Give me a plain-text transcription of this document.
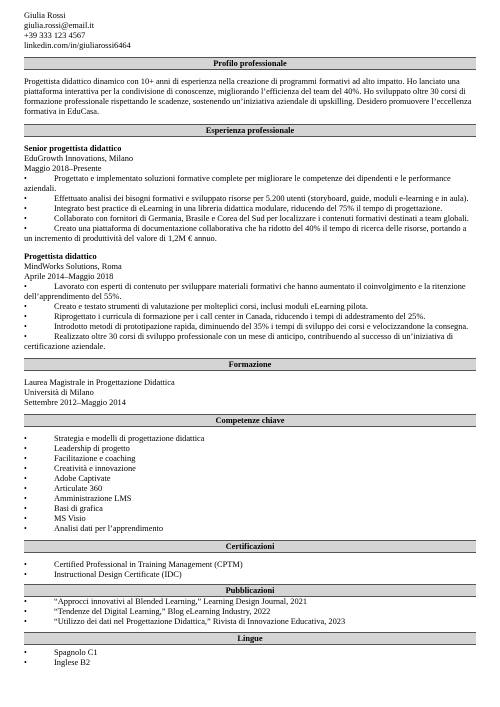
Giulia Rossi
giulia.rossi@email.it
+39 333 123 4567
linkedin.com/in/giuliarossi6464
Profilo professionale
Progettista didattico dinamico con 10+ anni di esperienza nella creazione di programmi formativi ad alto impatto. Ho lanciato una piattaforma interattiva per la condivisione di conoscenze, migliorando l’efficienza del team del 40%. Ho sviluppato oltre 30 corsi di formazione professionale rispettando le scadenze, sostenendo un’iniziativa aziendale di upskilling. Desidero promuovere l’eccellenza formativa in EduCasa.
Esperienza professionale
Senior progettista didattico
EduGrowth Innovations, Milano
Maggio 2018–Presente
• Progettato e implementato soluzioni formative complete per migliorare le competenze dei dipendenti e le performance aziendali.
• Effettuato analisi dei bisogni formativi e sviluppato risorse per 5.200 utenti (storyboard, guide, moduli e-learning e in aula).
• Integrato best practice di eLearning in una libreria didattica modulare, riducendo del 75% il tempo di progettazione.
• Collaborato con fornitori di Germania, Brasile e Corea del Sud per localizzare i contenuti formativi destinati a team globali.
• Creato una piattaforma di documentazione collaborativa che ha ridotto del 40% il tempo di ricerca delle risorse, portando a un incremento di produttività del valore di 1,2M € annuo.
Progettista didattico
MindWorks Solutions, Roma
Aprile 2014–Maggio 2018
• Lavorato con esperti di contenuto per sviluppare materiali formativi che hanno aumentato il coinvolgimento e la ritenzione dell’apprendimento del 55%.
• Creato e testato strumenti di valutazione per molteplici corsi, inclusi moduli eLearning pilota.
• Riprogettato i curricula di formazione per i call center in Canada, riducendo i tempi di addestramento del 25%.
• Introdotto metodi di prototipazione rapida, diminuendo del 35% i tempi di sviluppo dei corsi e velocizzandone la consegna.
• Realizzato oltre 30 corsi di sviluppo professionale con un mese di anticipo, contribuendo al successo di un’iniziativa di certificazione aziendale.
Formazione
Laurea Magistrale in Progettazione Didattica
Università di Milano
Settembre 2012–Maggio 2014
Competenze chiave
• Strategia e modelli di progettazione didattica
• Leadership di progetto
• Facilitazione e coaching
• Creatività e innovazione
• Adobe Captivate
• Articulate 360
• Amministrazione LMS
• Basi di grafica
• MS Visio
• Analisi dati per l’apprendimento
Certificazioni
• Certified Professional in Training Management (CPTM)
• Instructional Design Certificate (IDC)
Pubblicazioni
• “Approcci innovativi al Blended Learning,” Learning Design Journal, 2021
• “Tendenze del Digital Learning,” Blog eLearning Industry, 2022
• “Utilizzo dei dati nel Progettazione Didattica,” Rivista di Innovazione Educativa, 2023
Lingue
• Spagnolo C1
• Inglese B2
